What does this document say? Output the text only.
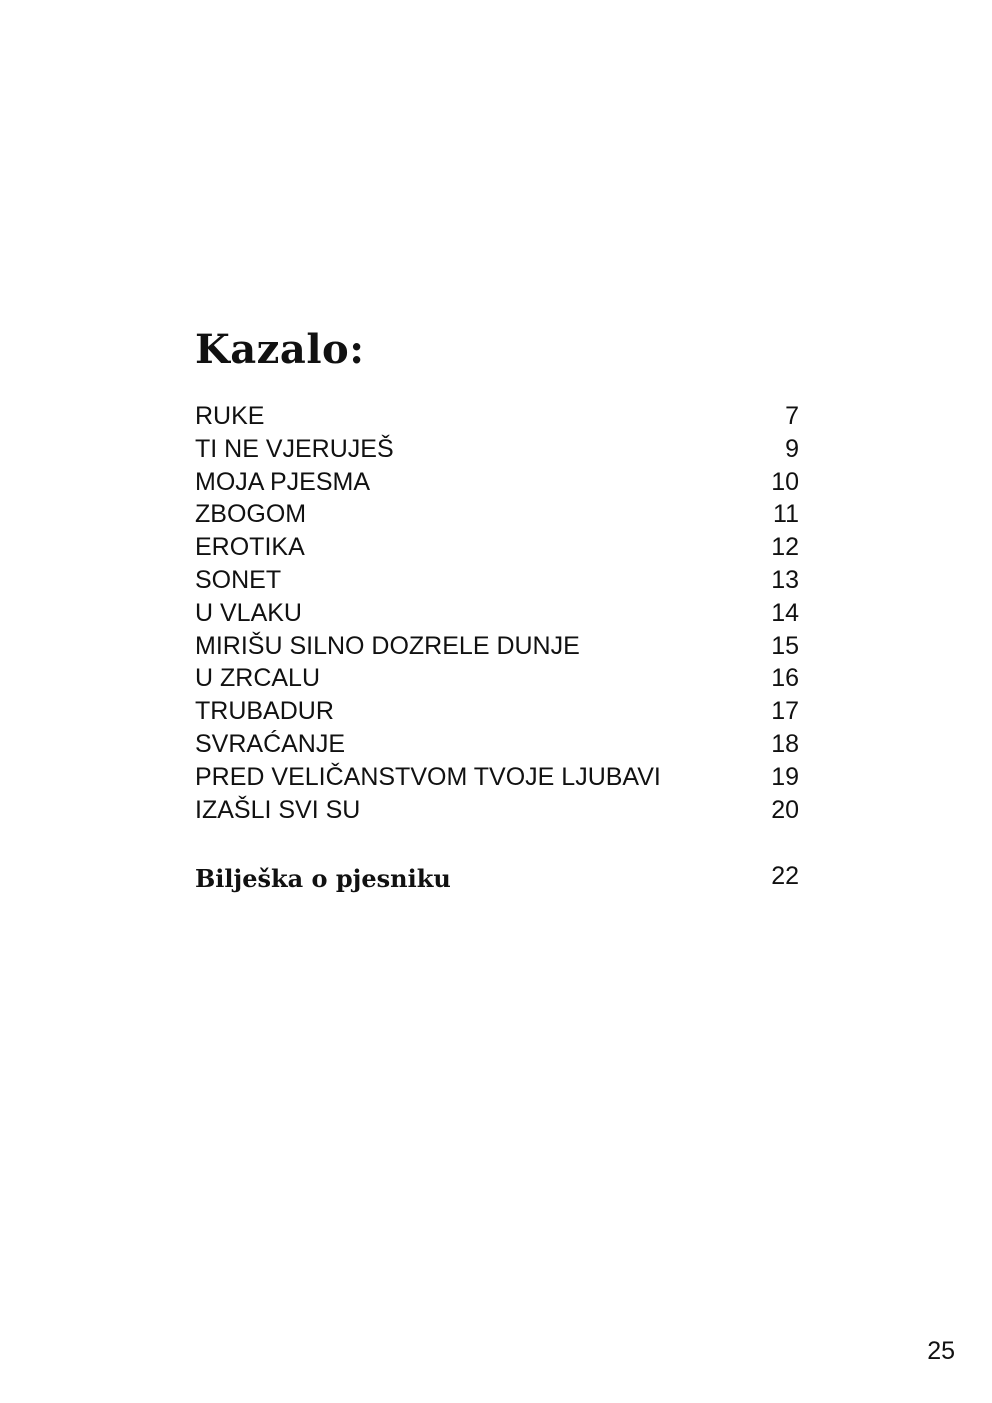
Kazalo:
RUKE	7
TI NE VJERUJEŠ	9
MOJA PJESMA	10
ZBOGOM	11
EROTIKA	12
SONET	13
U VLAKU	14
MIRIŠU SILNO DOZRELE DUNJE	15
U ZRCALU	16
TRUBADUR	17
SVRAĆANJE	18
PRED VELIČANSTVOM TVOJE LJUBAVI	19
IZAŠLI SVI SU	20
Bilješka o pjesniku	22
25
